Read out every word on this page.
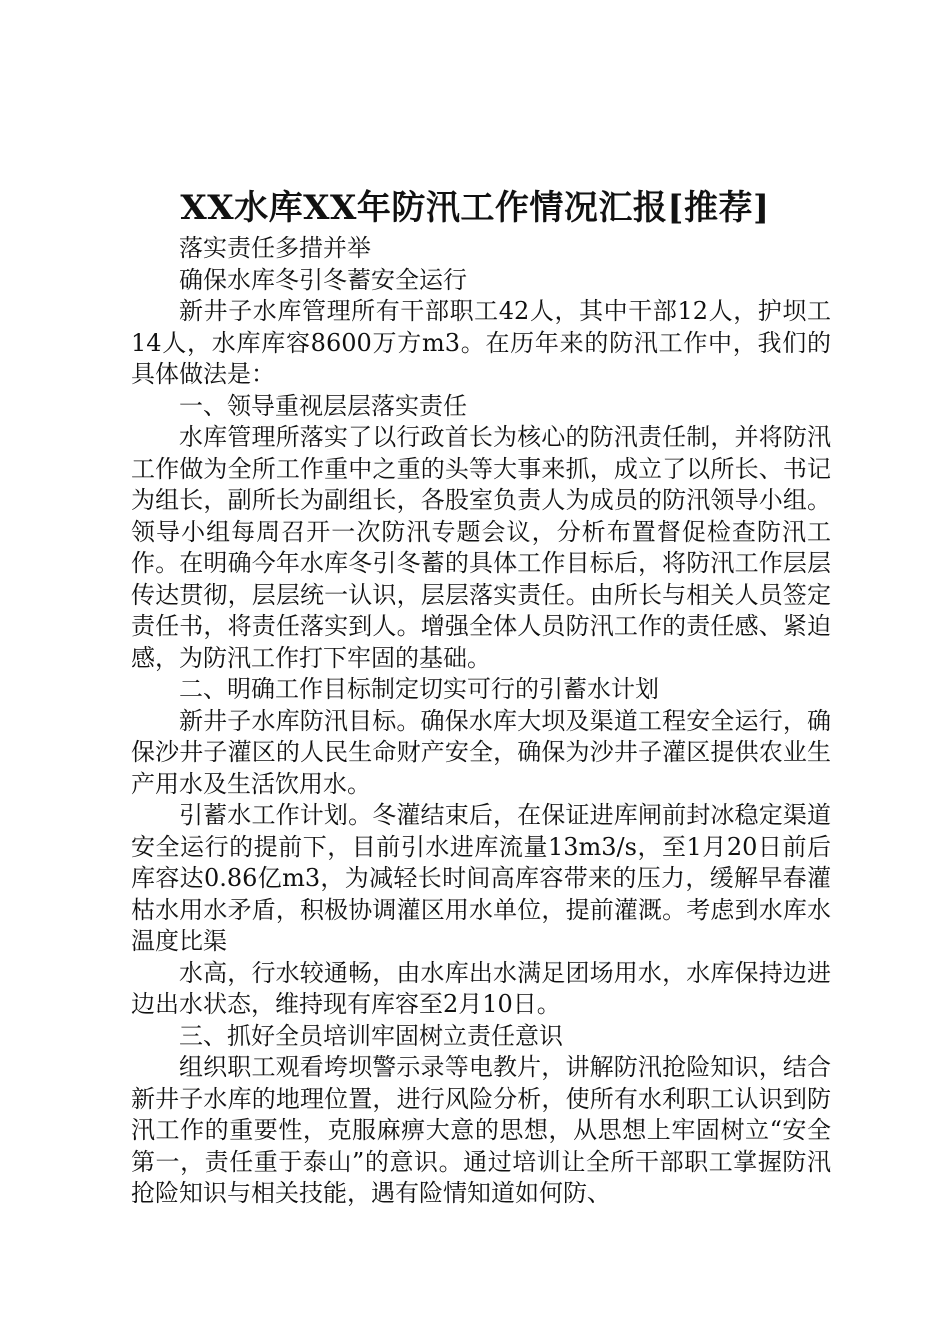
XX水库XX年防汛工作情况汇报[推荐]

落实责任多措并举

确保水库冬引冬蓄安全运行

新井子水库管理所有干部职工42人，其中干部12人，护坝工14人，水库库容8600万方m3。在历年来的防汛工作中，我们的具体做法是：

一、领导重视层层落实责任

水库管理所落实了以行政首长为核心的防汛责任制，并将防汛工作做为全所工作重中之重的头等大事来抓，成立了以所长、书记为组长，副所长为副组长，各股室负责人为成员的防汛领导小组。领导小组每周召开一次防汛专题会议，分析布置督促检查防汛工作。在明确今年水库冬引冬蓄的具体工作目标后，将防汛工作层层传达贯彻，层层统一认识，层层落实责任。由所长与相关人员签定责任书，将责任落实到人。增强全体人员防汛工作的责任感、紧迫感，为防汛工作打下牢固的基础。

二、明确工作目标制定切实可行的引蓄水计划

新井子水库防汛目标。确保水库大坝及渠道工程安全运行，确保沙井子灌区的人民生命财产安全，确保为沙井子灌区提供农业生产用水及生活饮用水。

引蓄水工作计划。冬灌结束后，在保证进库闸前封冰稳定渠道安全运行的提前下，目前引水进库流量13m3/s，至1月20日前后库容达0.86亿m3，为减轻长时间高库容带来的压力，缓解早春灌枯水用水矛盾，积极协调灌区用水单位，提前灌溉。考虑到水库水温度比渠

水高，行水较通畅，由水库出水满足团场用水，水库保持边进边出水状态，维持现有库容至2月10日。

三、抓好全员培训牢固树立责任意识

组织职工观看垮坝警示录等电教片，讲解防汛抢险知识，结合新井子水库的地理位置，进行风险分析，使所有水利职工认识到防汛工作的重要性，克服麻痹大意的思想，从思想上牢固树立“安全第一，责任重于泰山”的意识。通过培训让全所干部职工掌握防汛抢险知识与相关技能，遇有险情知道如何防、
